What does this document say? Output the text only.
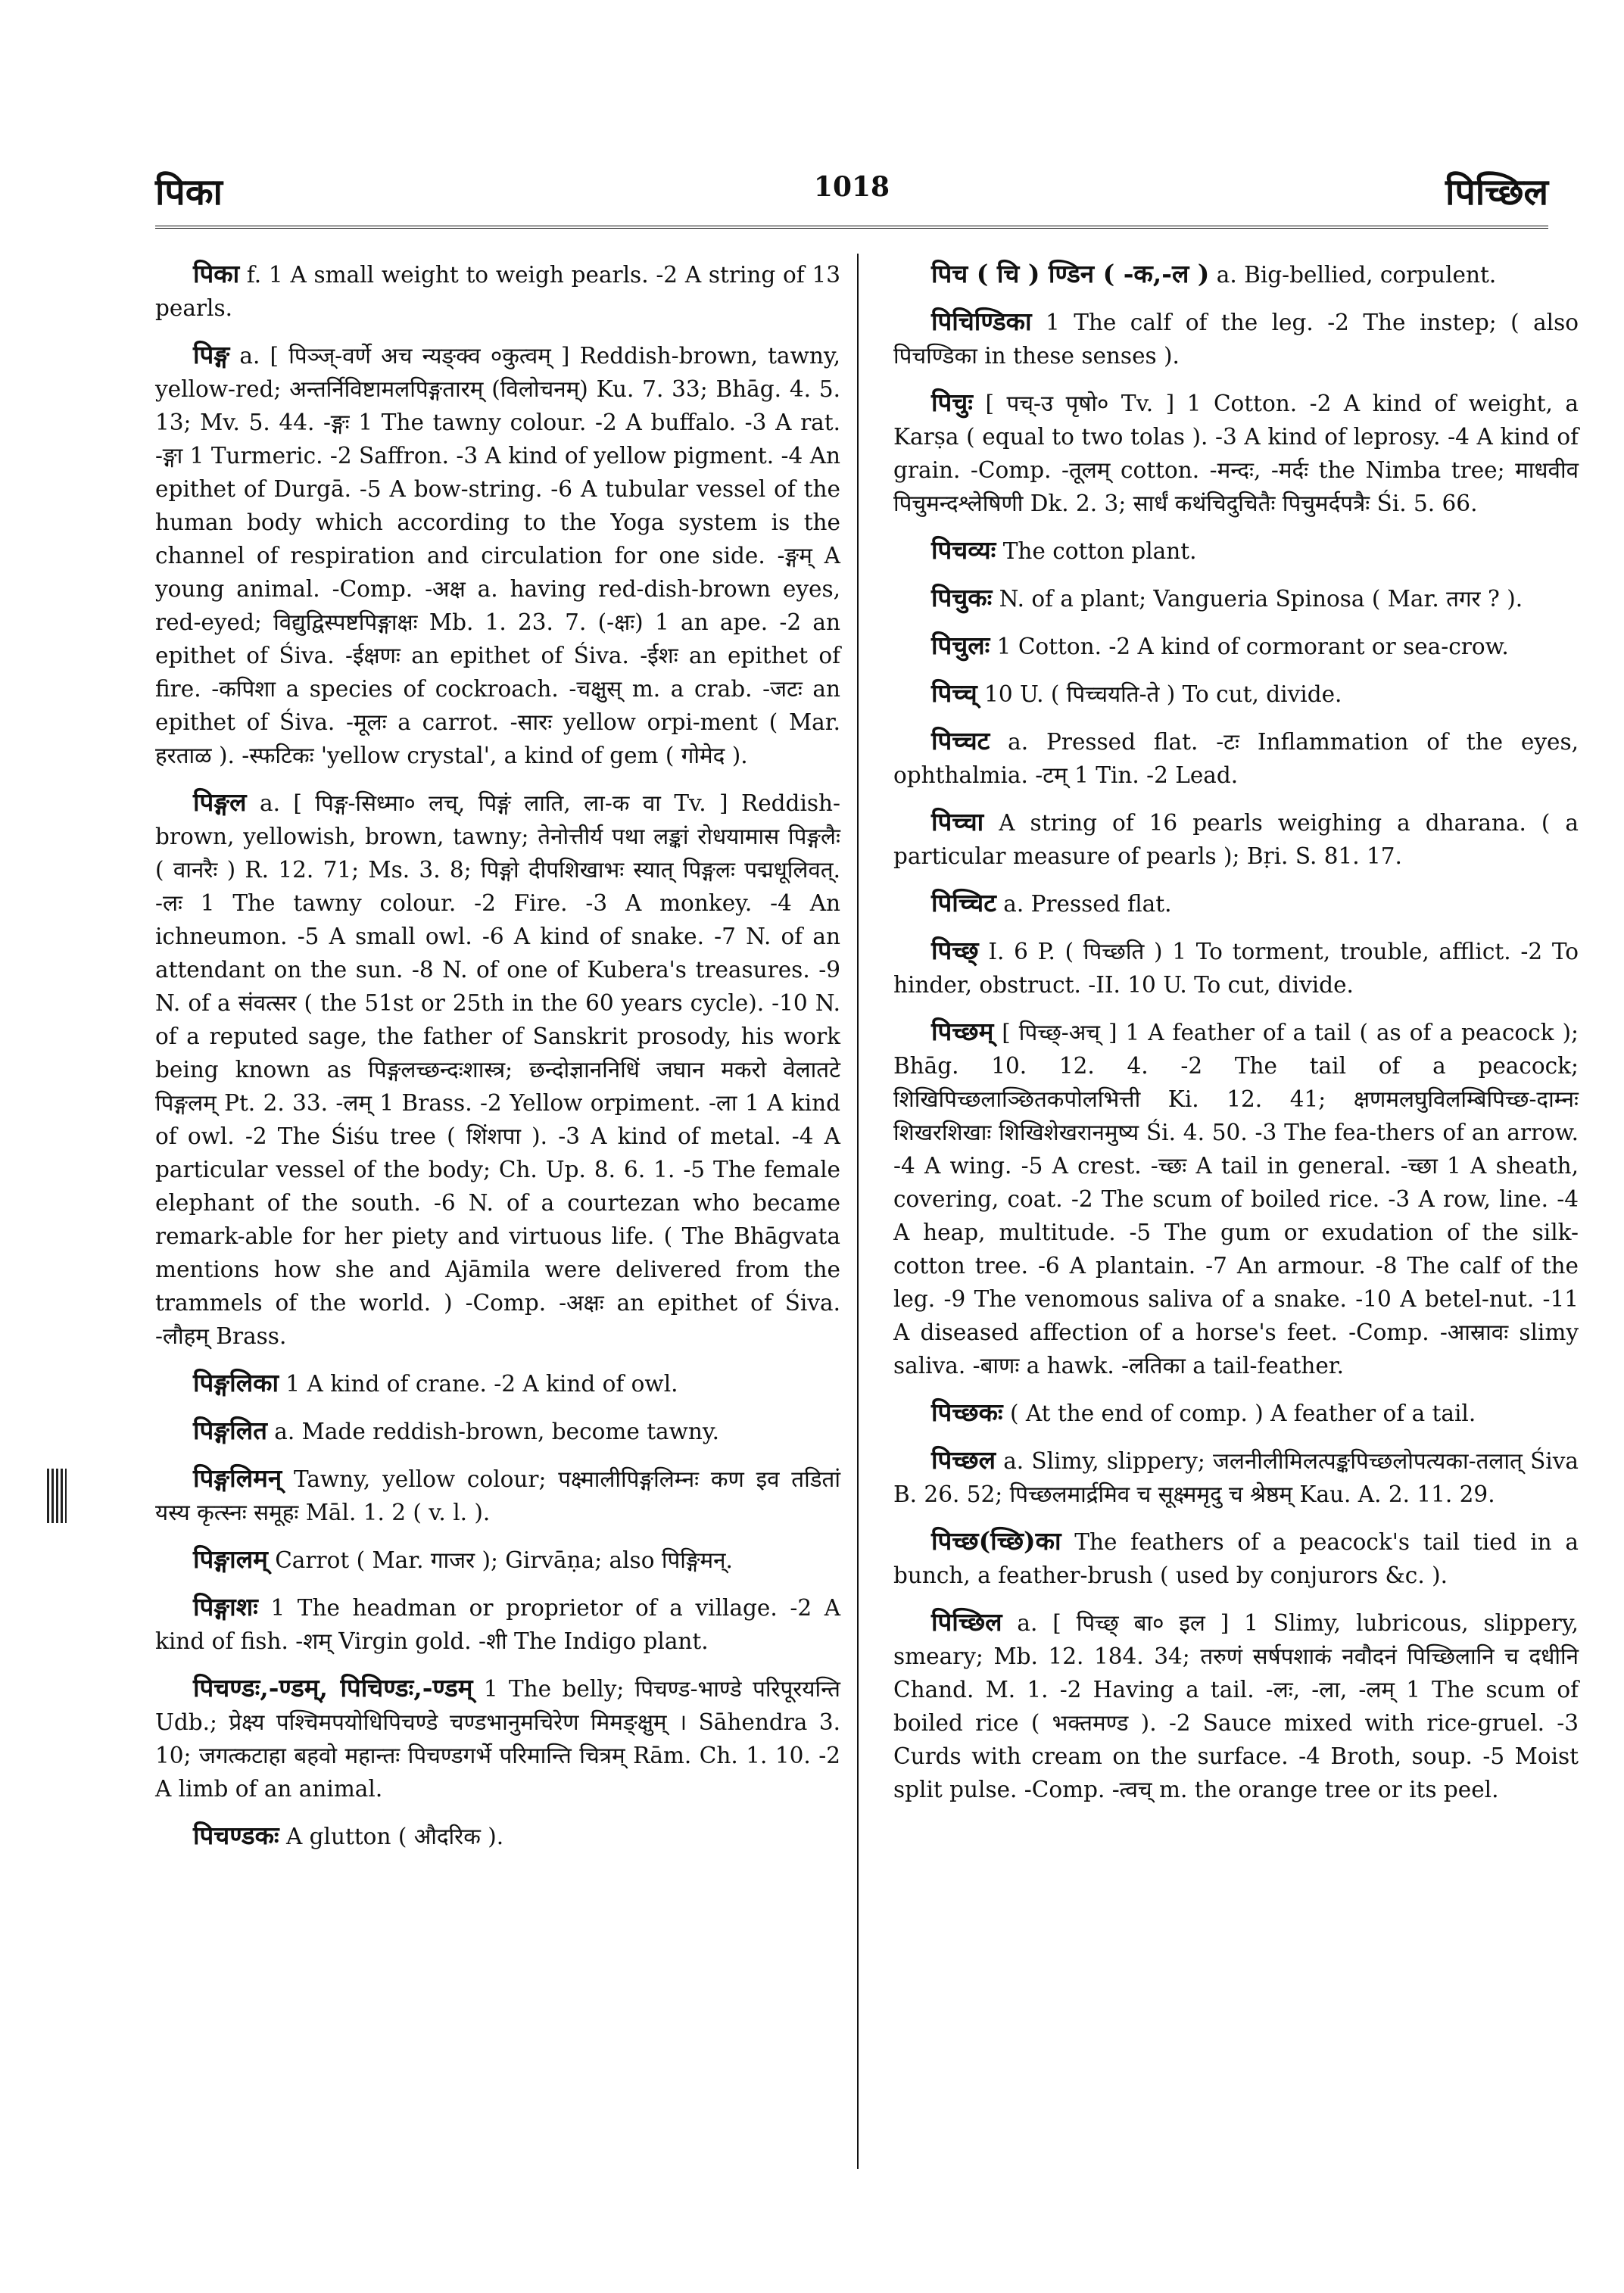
पिका	1018	पिच्छिल

पिका f. 1 A small weight to weigh pearls. -2 A string of 13 pearls.

पिङ्ग a. [ पिञ्ज्-वर्णे अच न्यङ्क्व ०कुत्वम् ] Reddish-brown, tawny, yellow-red; अन्तर्निविष्टामलपिङ्गतारम् (विलोचनम्) Ku. 7. 33; Bhāg. 4. 5. 13; Mv. 5. 44. -ङ्गः 1 The tawny colour. -2 A buffalo. -3 A rat. -ङ्गा 1 Turmeric. -2 Saffron. -3 A kind of yellow pigment. -4 An epithet of Durgā. -5 A bow-string. -6 A tubular vessel of the human body which according to the Yoga system is the channel of respiration and circulation for one side. -ङ्गम् A young animal. -Comp. -अक्ष a. having red-dish-brown eyes, red-eyed; विद्युद्विस्पष्टपिङ्गाक्षः Mb. 1. 23. 7. (-क्षः) 1 an ape. -2 an epithet of Śiva. -ईक्षणः an epithet of Śiva. -ईशः an epithet of fire. -कपिशा a species of cockroach. -चक्षुस् m. a crab. -जटः an epithet of Śiva. -मूलः a carrot. -सारः yellow orpi-ment ( Mar. हरताळ ). -स्फटिकः 'yellow crystal', a kind of gem ( गोमेद ).

पिङ्गल a. [ पिङ्ग-सिध्मा० लच्, पिङ्गं लाति, ला-क वा Tv. ] Reddish-brown, yellowish, brown, tawny; तेनोत्तीर्य पथा लङ्कां रोधयामास पिङ्गलैः ( वानरैः ) R. 12. 71; Ms. 3. 8; पिङ्गो दीपशिखाभः स्यात् पिङ्गलः पद्मधूलिवत्. -लः 1 The tawny colour. -2 Fire. -3 A monkey. -4 An ichneumon. -5 A small owl. -6 A kind of snake. -7 N. of an attendant on the sun. -8 N. of one of Kubera's treasures. -9 N. of a संवत्सर ( the 51st or 25th in the 60 years cycle). -10 N. of a reputed sage, the father of Sanskrit prosody, his work being known as पिङ्गलच्छन्दःशास्त्र; छन्दोज्ञाननिधिं जघान मकरो वेलातटे पिङ्गलम् Pt. 2. 33. -लम् 1 Brass. -2 Yellow orpiment. -ला 1 A kind of owl. -2 The Śiśu tree ( शिंशपा ). -3 A kind of metal. -4 A particular vessel of the body; Ch. Up. 8. 6. 1. -5 The female elephant of the south. -6 N. of a courtezan who became remark-able for her piety and virtuous life. ( The Bhāgvata mentions how she and Ajāmila were delivered from the trammels of the world. ) -Comp. -अक्षः an epithet of Śiva. -लौहम् Brass.

पिङ्गलिका 1 A kind of crane. -2 A kind of owl.

पिङ्गलित a. Made reddish-brown, become tawny.

पिङ्गलिमन् Tawny, yellow colour; पक्ष्मालीपिङ्गलिम्नः कण इव तडितां यस्य कृत्स्नः समूहः Māl. 1. 2 ( v. l. ).

पिङ्गालम् Carrot ( Mar. गाजर ); Girvāṇa; also पिङ्गिमन्.

पिङ्गाशः 1 The headman or proprietor of a village. -2 A kind of fish. -शम् Virgin gold. -शी The Indigo plant.

पिचण्डः,-ण्डम्, पिचिण्डः,-ण्डम् 1 The belly; पिचण्ड-भाण्डे परिपूरयन्ति Udb.; प्रेक्ष्य पश्चिमपयोधिपिचण्डे चण्डभानुमचिरेण मिमङ्क्षुम् । Sāhendra 3. 10; जगत्कटाहा बहवो महान्तः पिचण्डगर्भे परिमान्ति चित्रम् Rām. Ch. 1. 10. -2 A limb of an animal.

पिचण्डकः A glutton ( औदरिक ).

पिच ( चि ) ण्डिन ( -क,-ल ) a. Big-bellied, corpulent.

पिचिण्डिका 1 The calf of the leg. -2 The instep; ( also पिचण्डिका in these senses ).

पिचुः [ पच्-उ पृषो० Tv. ] 1 Cotton. -2 A kind of weight, a Karṣa ( equal to two tolas ). -3 A kind of leprosy. -4 A kind of grain. -Comp. -तूलम् cotton. -मन्दः, -मर्दः the Nimba tree; माधवीव पिचुमन्दश्लेषिणी Dk. 2. 3; सार्धं कथंचिदुचितैः पिचुमर्दपत्रैः Śi. 5. 66.

पिचव्यः The cotton plant.

पिचुकः N. of a plant; Vangueria Spinosa ( Mar. तगर ? ).

पिचुलः 1 Cotton. -2 A kind of cormorant or sea-crow.

पिच्च् 10 U. ( पिच्चयति-ते ) To cut, divide.

पिच्चट a. Pressed flat. -टः Inflammation of the eyes, ophthalmia. -टम् 1 Tin. -2 Lead.

पिच्चा A string of 16 pearls weighing a dharana. ( a particular measure of pearls ); Bṛi. S. 81. 17.

पिच्चिट a. Pressed flat.

पिच्छ् I. 6 P. ( पिच्छति ) 1 To torment, trouble, afflict. -2 To hinder, obstruct. -II. 10 U. To cut, divide.

पिच्छम् [ पिच्छ्-अच् ] 1 A feather of a tail ( as of a peacock ); Bhāg. 10. 12. 4. -2 The tail of a peacock; शिखिपिच्छलाञ्छितकपोलभित्ती Ki. 12. 41; क्षणमलघुविलम्बिपिच्छ-दाम्नः शिखरशिखाः शिखिशेखरानमुष्य Śi. 4. 50. -3 The fea-thers of an arrow. -4 A wing. -5 A crest. -च्छः A tail in general. -च्छा 1 A sheath, covering, coat. -2 The scum of boiled rice. -3 A row, line. -4 A heap, multitude. -5 The gum or exudation of the silk-cotton tree. -6 A plantain. -7 An armour. -8 The calf of the leg. -9 The venomous saliva of a snake. -10 A betel-nut. -11 A diseased affection of a horse's feet. -Comp. -आस्रावः slimy saliva. -बाणः a hawk. -लतिका a tail-feather.

पिच्छकः ( At the end of comp. ) A feather of a tail.

पिच्छल a. Slimy, slippery; जलनीलीमिलत्पङ्कपिच्छलोपत्यका-तलात् Śiva B. 26. 52; पिच्छलमार्द्रमिव च सूक्ष्ममृदु च श्रेष्ठम् Kau. A. 2. 11. 29.

पिच्छ(च्छि)का The feathers of a peacock's tail tied in a bunch, a feather-brush ( used by conjurors &c. ).

पिच्छिल a. [ पिच्छ् बा० इल ] 1 Slimy, lubricous, slippery, smeary; Mb. 12. 184. 34; तरुणं सर्षपशाकं नवौदनं पिच्छिलानि च दधीनि Chand. M. 1. -2 Having a tail. -लः, -ला, -लम् 1 The scum of boiled rice ( भक्तमण्ड ). -2 Sauce mixed with rice-gruel. -3 Curds with cream on the surface. -4 Broth, soup. -5 Moist split pulse. -Comp. -त्वच् m. the orange tree or its peel.
